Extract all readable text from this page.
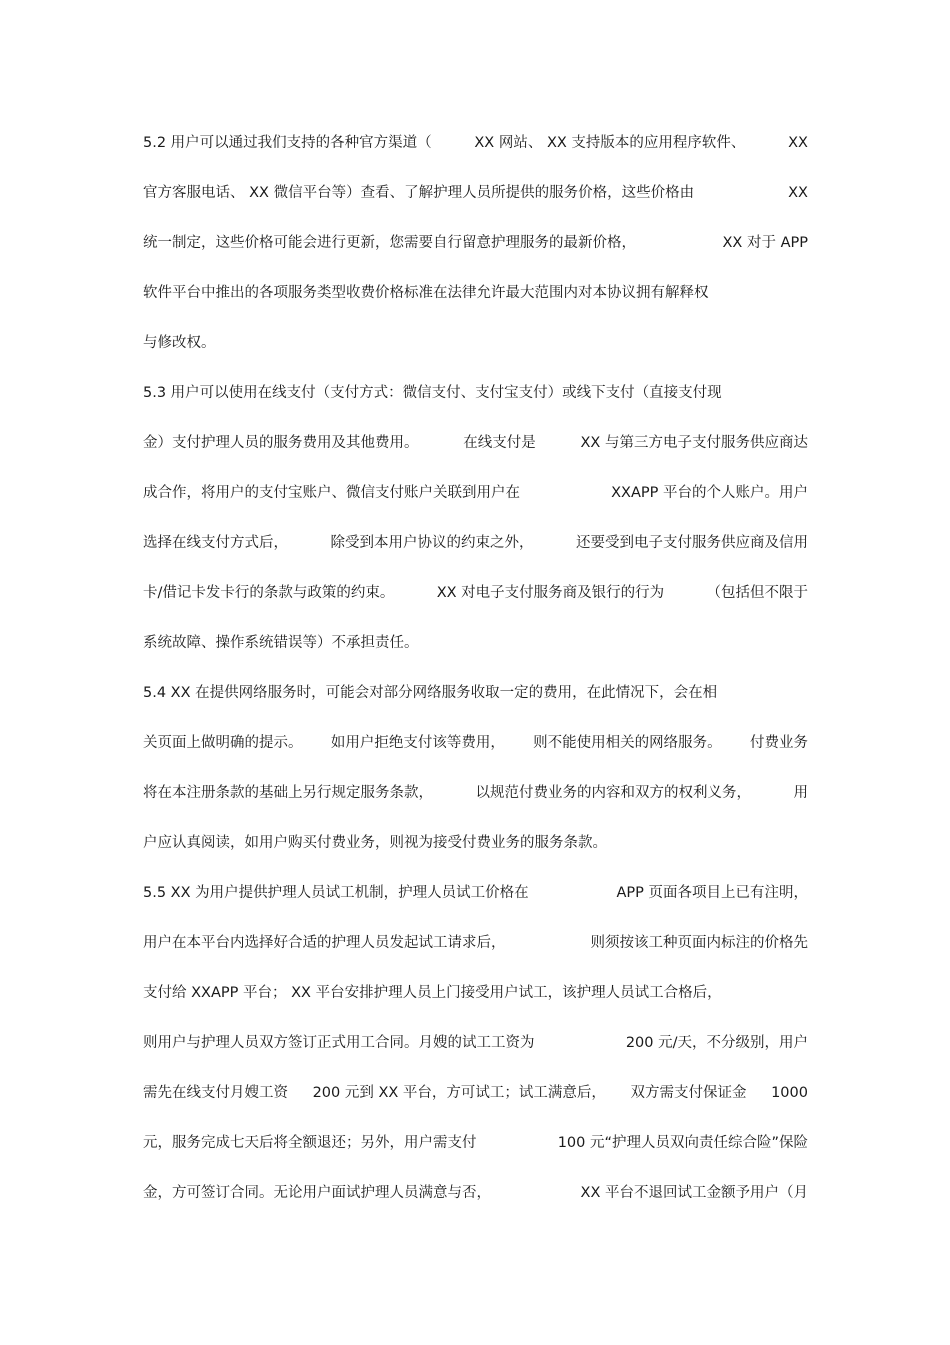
5.2 用户可以通过我们支持的各种官方渠道（	XX 网站、 XX 支持版本的应用程序软件、	XX
官方客服电话、 XX 微信平台等）查看、了解护理人员所提供的服务价格，这些价格由	XX
统一制定，这些价格可能会进行更新，您需要自行留意护理服务的最新价格，	XX 对于 APP
软件平台中推出的各项服务类型收费价格标准在法律允许最大范围内对本协议拥有解释权
与修改权。
5.3 用户可以使用在线支付（支付方式：微信支付、支付宝支付）或线下支付（直接支付现
金）支付护理人员的服务费用及其他费用。	在线支付是	XX 与第三方电子支付服务供应商达
成合作，将用户的支付宝账户、微信支付账户关联到用户在	XXAPP 平台的个人账户。用户
选择在线支付方式后，	除受到本用户协议的约束之外，	还要受到电子支付服务供应商及信用
卡/借记卡发卡行的条款与政策的约束。	XX 对电子支付服务商及银行的行为	（包括但不限于
系统故障、操作系统错误等）不承担责任。
5.4 XX 在提供网络服务时，可能会对部分网络服务收取一定的费用，在此情况下，会在相
关页面上做明确的提示。 如用户拒绝支付该等费用， 则不能使用相关的网络服务。 付费业务
将在本注册条款的基础上另行规定服务条款，	以规范付费业务的内容和双方的权利义务，	用
户应认真阅读，如用户购买付费业务，则视为接受付费业务的服务条款。
5.5 XX 为用户提供护理人员试工机制，护理人员试工价格在	APP 页面各项目上已有注明，
用户在本平台内选择好合适的护理人员发起试工请求后，	则须按该工种页面内标注的价格先
支付给 XXAPP 平台； XX 平台安排护理人员上门接受用户试工，该护理人员试工合格后，
则用户与护理人员双方签订正式用工合同。月嫂的试工工资为	200 元/天，不分级别，用户
需先在线支付月嫂工资 200 元到 XX 平台，方可试工；试工满意后， 双方需支付保证金 1000
元，服务完成七天后将全额退还；另外，用户需支付	100 元“护理人员双向责任综合险”保险
金，方可签订合同。无论用户面试护理人员满意与否，	XX 平台不退回试工金额予用户（月
